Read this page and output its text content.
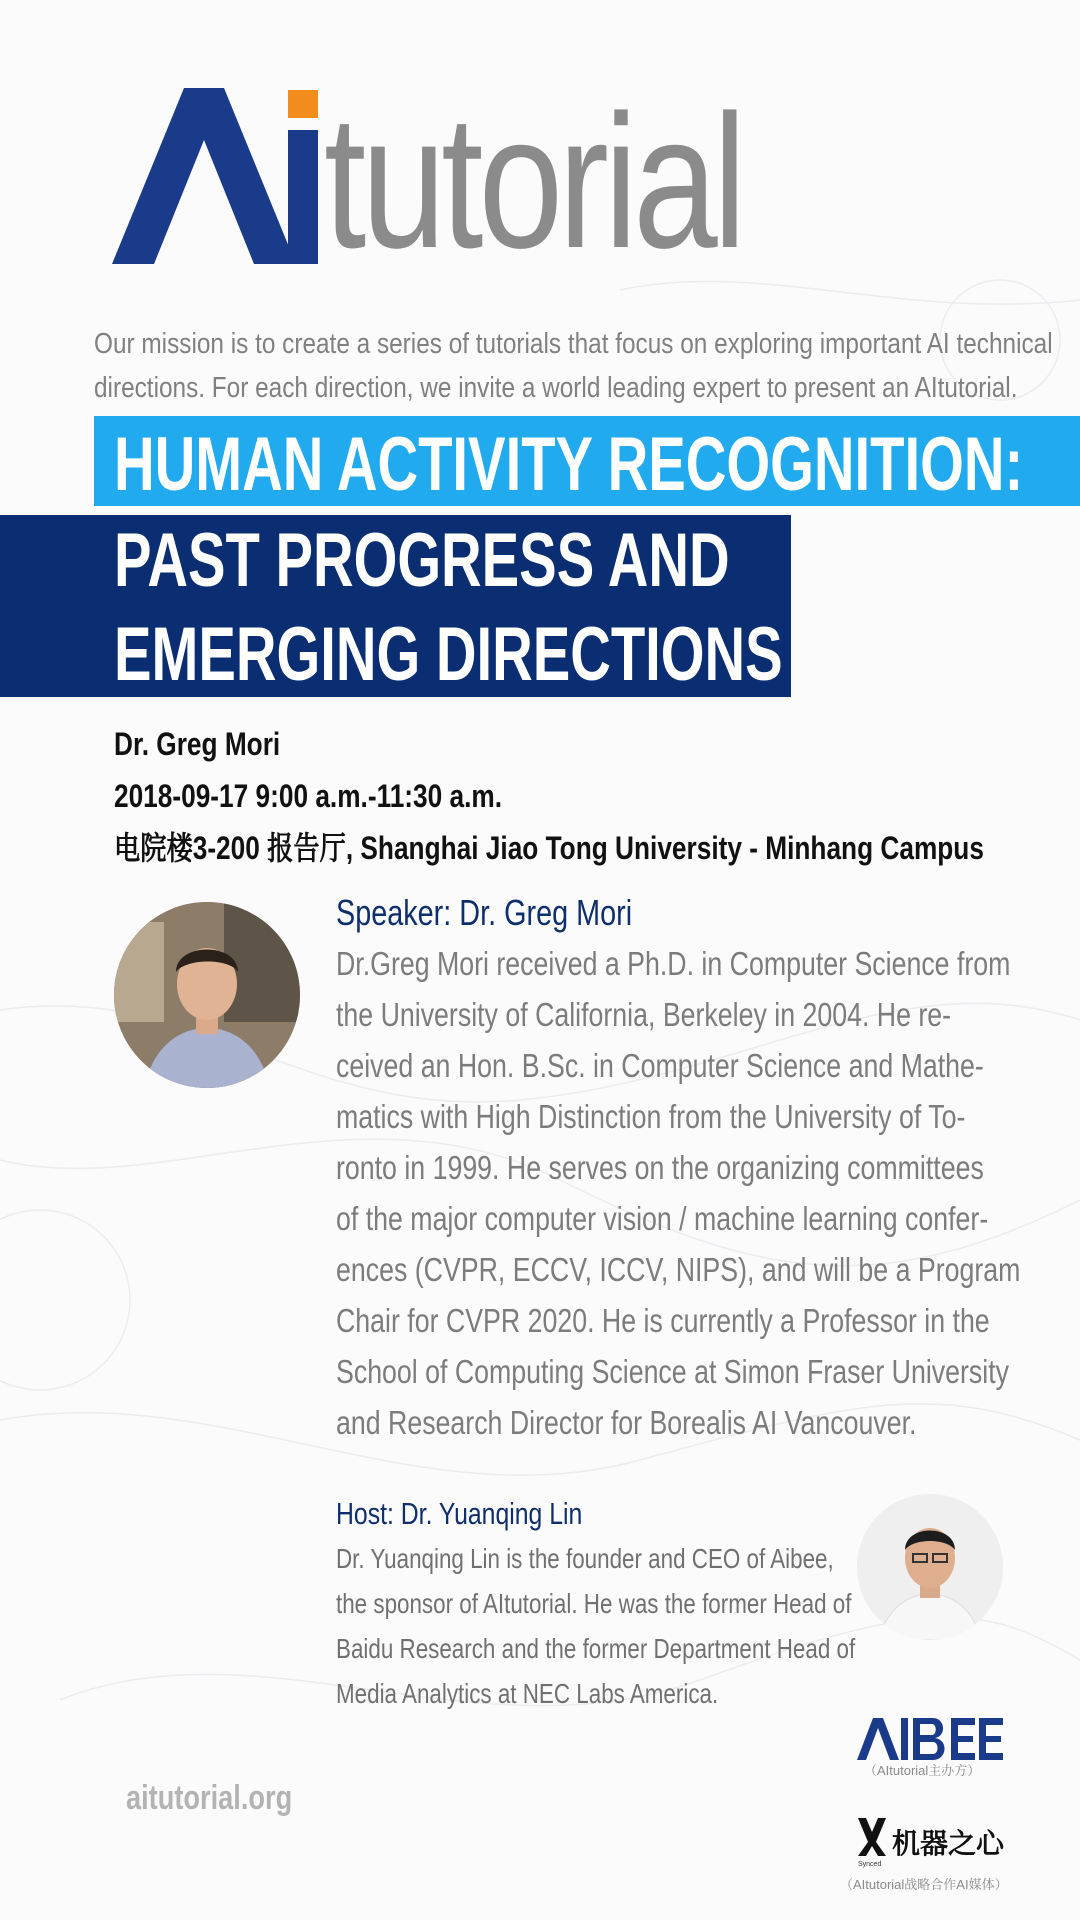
tutorial
Our mission is to create a series of tutorials that focus on exploring important AI technical
directions. For each direction, we invite a world leading expert to present an AItutorial.
HUMAN ACTIVITY RECOGNITION:
PAST PROGRESS AND
EMERGING DIRECTIONS
Dr. Greg Mori
2018-09-17 9:00 a.m.-11:30 a.m.
电院楼3-200 报告厅, Shanghai Jiao Tong University - Minhang Campus
Speaker: Dr. Greg Mori
Dr.Greg Mori received a Ph.D. in Computer Science from
the University of California, Berkeley in 2004. He re-
ceived an Hon. B.Sc. in Computer Science and Mathe-
matics with High Distinction from the University of To-
ronto in 1999. He serves on the organizing committees
of the major computer vision / machine learning confer-
ences (CVPR, ECCV, ICCV, NIPS), and will be a Program
Chair for CVPR 2020. He is currently a Professor in the
School of Computing Science at Simon Fraser University
and Research Director for Borealis AI Vancouver.
Host: Dr. Yuanqing Lin
Dr. Yuanqing Lin is the founder and CEO of Aibee,
the sponsor of AItutorial. He was the former Head of
Baidu Research and the former Department Head of
Media Analytics at NEC Labs America.
aitutorial.org
（AItutorial主办方）
Synced
机器之心
（AItutorial战略合作AI媒体）
